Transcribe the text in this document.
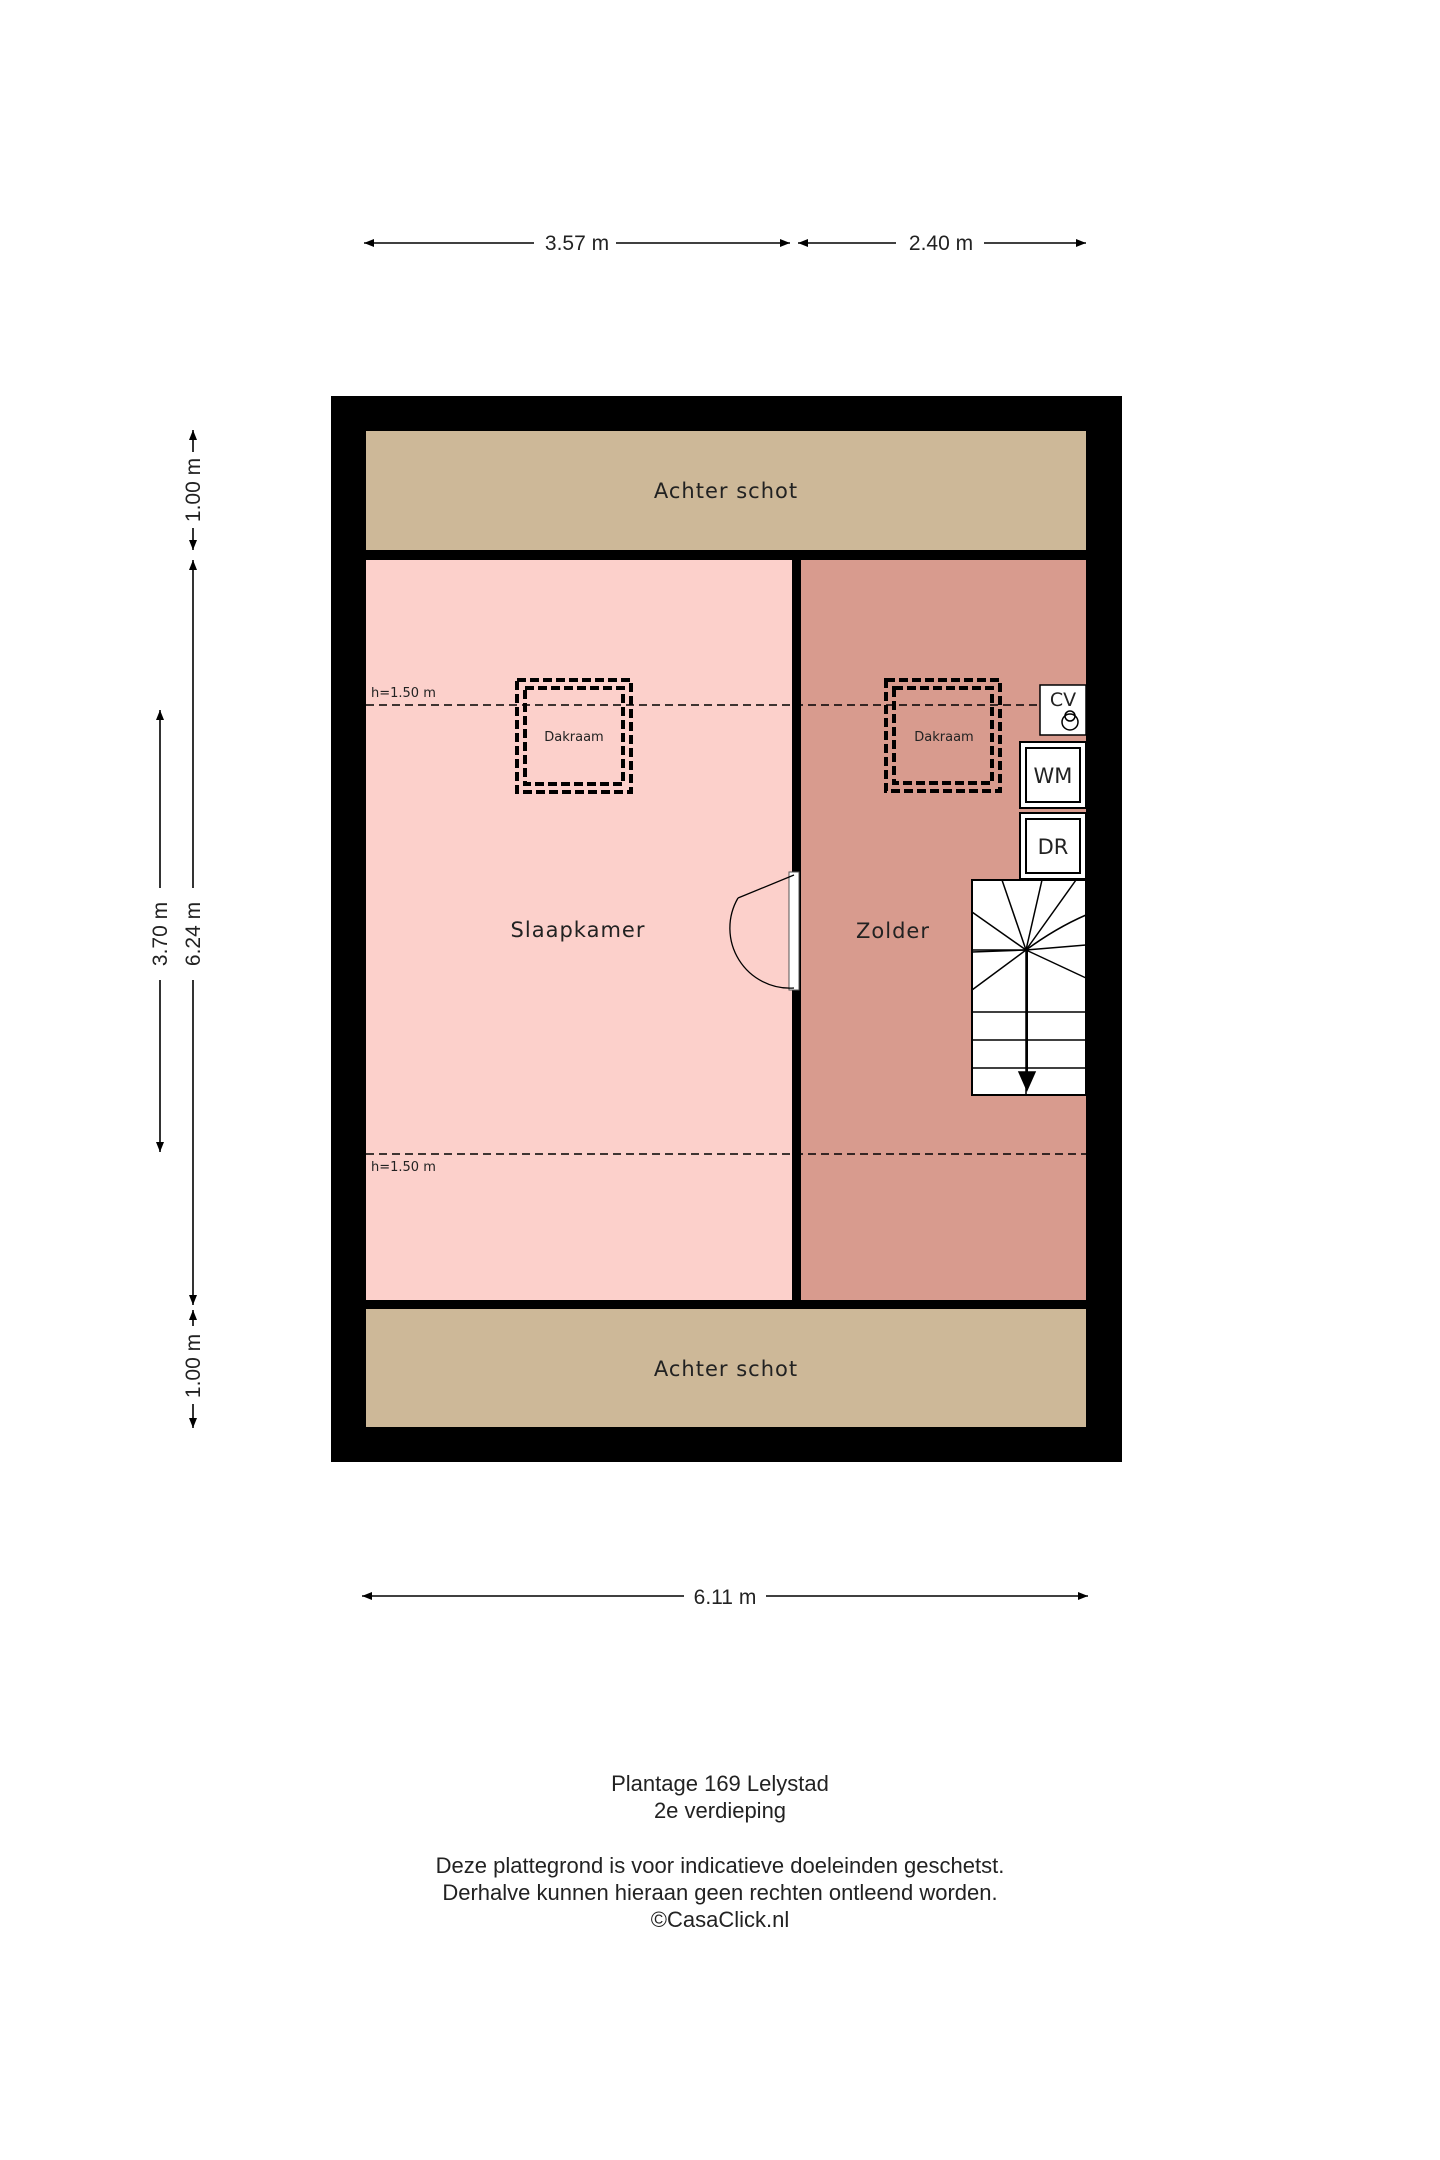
3.57 m	2.40 m
1.00 m
6.24 m
3.70 m
1.00 m
Achter schot
Achter schot
h=1.50 m
h=1.50 m
Dakraam	Dakraam
Slaapkamer	Zolder
CV
WM
DR
6.11 m
Plantage 169 Lelystad
2e verdieping
Deze plattegrond is voor indicatieve doeleinden geschetst.
Derhalve kunnen hieraan geen rechten ontleend worden.
©CasaClick.nl
